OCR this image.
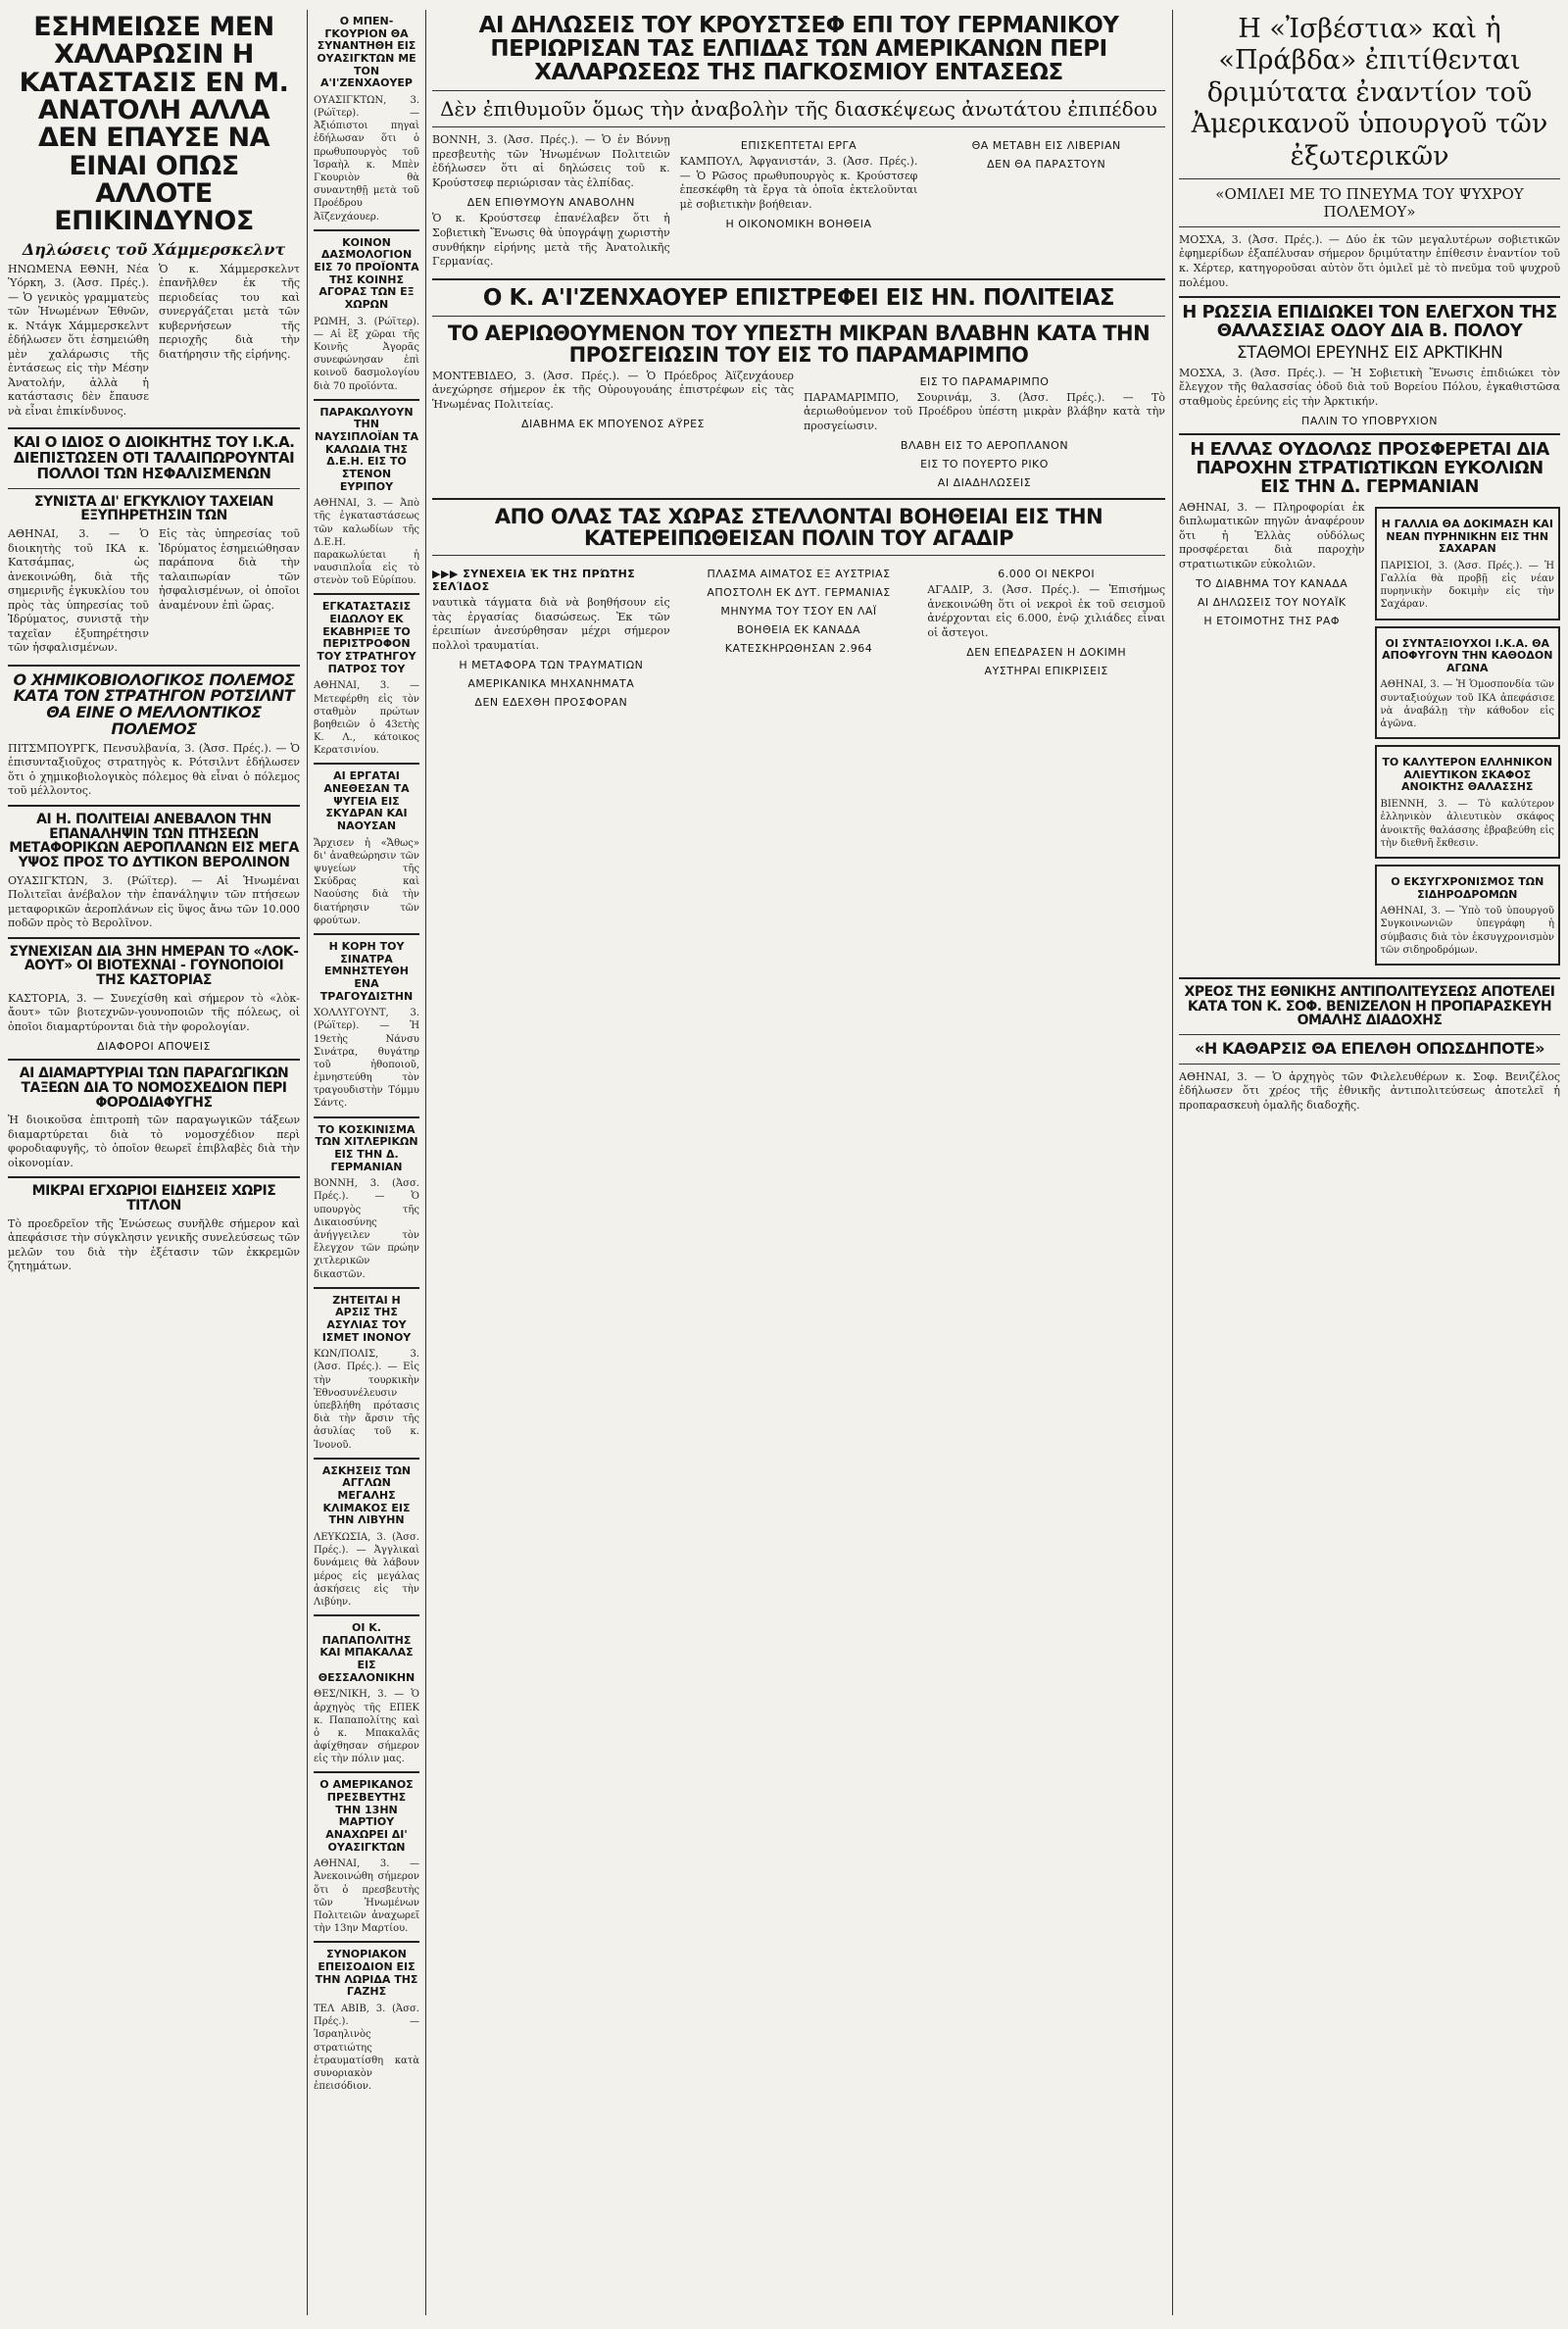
ΕΣΗΜΕΙΩΣΕ ΜΕΝ ΧΑΛΑΡΩΣΙΝ Η ΚΑΤΑΣΤΑΣΙΣ ΕΝ Μ. ΑΝΑΤΟΛΗ ΑΛΛΑ ΔΕΝ ΕΠΑΥΣΕ ΝΑ ΕΙΝΑΙ ΟΠΩΣ ΑΛΛΟΤΕ ΕΠΙΚΙΝΔΥΝΟΣ
Δηλώσεις τοῦ Χάμμερσκελντ

ΗΝΩΜΕΝΑ ΕΘΝΗ, Νέα Ὑόρκη, 3. (Ἀσσ. Πρές.). — Ὁ γενικὸς γραμματεὺς τῶν Ἡνωμένων Ἐθνῶν, κ. Ντάγκ Χάμμερσκελντ ἐδήλωσεν ὅτι ἐσημειώθη μὲν χαλάρωσις τῆς ἐντάσεως εἰς τὴν Μέσην Ἀνατολήν, ἀλλὰ ἡ κατάστασις δὲν ἔπαυσε νὰ εἶναι ἐπικίνδυνος.

Ὁ κ. Χάμμερσκελντ ἐπανῆλθεν ἐκ τῆς περιοδείας του καὶ συνεργάζεται μετὰ τῶν κυβερνήσεων τῆς περιοχῆς διὰ τὴν διατήρησιν τῆς εἰρήνης.

ΚΑΙ Ο ΙΔΙΟΣ Ο ΔΙΟΙΚΗΤΗΣ ΤΟΥ Ι.Κ.Α. ΔΙΕΠΙΣΤΩΣΕΝ ΟΤΙ ΤΑΛΑΙΠΩΡΟΥΝΤΑΙ ΠΟΛΛΟΙ ΤΩΝ ΗΣΦΑΛΙΣΜΕΝΩΝ
ΣΥΝΙΣΤΑ ΔΙ' ΕΓΚΥΚΛΙΟΥ ΤΑΧΕΙΑΝ ΕΞΥΠΗΡΕΤΗΣΙΝ ΤΩΝ

ΑΘΗΝΑΙ, 3. — Ὁ διοικητὴς τοῦ ΙΚΑ κ. Κατσάμπας, ὡς ἀνεκοινώθη, διὰ τῆς σημερινῆς ἐγκυκλίου του πρὸς τὰς ὑπηρεσίας τοῦ Ἱδρύματος, συνιστᾷ τὴν ταχεῖαν ἐξυπηρέτησιν τῶν ἠσφαλισμένων.

Εἰς τὰς ὑπηρεσίας τοῦ Ἱδρύματος ἐσημειώθησαν παράπονα διὰ τὴν ταλαιπωρίαν τῶν ἠσφαλισμένων, οἱ ὁποῖοι ἀναμένουν ἐπὶ ὥρας.

Ο ΧΗΜΙΚΟΒΙΟΛΟΓΙΚΟΣ ΠΟΛΕΜΟΣ ΚΑΤΑ ΤΟΝ ΣΤΡΑΤΗΓΟΝ ΡΟΤΣΙΛΝΤ ΘΑ ΕΙΝΕ Ο ΜΕΛΛΟΝΤΙΚΟΣ ΠΟΛΕΜΟΣ

ΠΙΤΣΜΠΟΥΡΓΚ, Πενσυλβανία, 3. (Ἀσσ. Πρές.). — Ὁ ἐπισυνταξιοῦχος στρατηγὸς κ. Ρότσιλντ ἐδήλωσεν ὅτι ὁ χημικοβιολογικὸς πόλεμος θὰ εἶναι ὁ πόλεμος τοῦ μέλλοντος.

ΑΙ Η. ΠΟΛΙΤΕΙΑΙ ΑΝΕΒΑΛΟΝ ΤΗΝ ΕΠΑΝΑΛΗΨΙΝ ΤΩΝ ΠΤΗΣΕΩΝ ΜΕΤΑΦΟΡΙΚΩΝ ΑΕΡΟΠΛΑΝΩΝ ΕΙΣ ΜΕΓΑ ΥΨΟΣ ΠΡΟΣ ΤΟ ΔΥΤΙΚΟΝ ΒΕΡΟΛΙΝΟΝ

ΟΥΑΣΙΓΚΤΩΝ, 3. (Ρώϊτερ). — Αἱ Ἡνωμέναι Πολιτεῖαι ἀνέβαλον τὴν ἐπανάληψιν τῶν πτήσεων μεταφορικῶν ἀεροπλάνων εἰς ὕψος ἄνω τῶν 10.000 ποδῶν πρὸς τὸ Βερολῖνον.

ΣΥΝΕΧΙΣΑΝ ΔΙΑ 3ΗΝ ΗΜΕΡΑΝ ΤΟ «ΛΟΚ-ΑΟΥΤ» ΟΙ ΒΙΟΤΕΧΝΑΙ - ΓΟΥΝΟΠΟΙΟΙ ΤΗΣ ΚΑΣΤΟΡΙΑΣ

ΚΑΣΤΟΡΙΑ, 3. — Συνεχίσθη καὶ σήμερον τὸ «λὸκ-ἄουτ» τῶν βιοτεχνῶν-γουνοποιῶν τῆς πόλεως, οἱ ὁποῖοι διαμαρτύρονται διὰ τὴν φορολογίαν.

ΔΙΑΦΟΡΟΙ ΑΠΟΨΕΙΣ
ΑΙ ΔΙΑΜΑΡΤΥΡΙΑΙ ΤΩΝ ΠΑΡΑΓΩΓΙΚΩΝ ΤΑΞΕΩΝ ΔΙΑ ΤΟ ΝΟΜΟΣΧΕΔΙΟΝ ΠΕΡΙ ΦΟΡΟΔΙΑΦΥΓΗΣ

Ἡ διοικοῦσα ἐπιτροπὴ τῶν παραγωγικῶν τάξεων διαμαρτύρεται διὰ τὸ νομοσχέδιον περὶ φοροδιαφυγῆς, τὸ ὁποῖον θεωρεῖ ἐπιβλαβὲς διὰ τὴν οἰκονομίαν.

ΜΙΚΡΑΙ ΕΓΧΩΡΙΟΙ ΕΙΔΗΣΕΙΣ ΧΩΡΙΣ ΤΙΤΛΟΝ

Τὸ προεδρεῖον τῆς Ἑνώσεως συνῆλθε σήμερον καὶ ἀπεφάσισε τὴν σύγκλησιν γενικῆς συνελεύσεως τῶν μελῶν του διὰ τὴν ἐξέτασιν τῶν ἐκκρεμῶν ζητημάτων.

Ο ΜΠΕΝ-ΓΚΟΥΡΙΟΝ ΘΑ ΣΥΝΑΝΤΗΘΗ ΕΙΣ ΟΥΑΣΙΓΚΤΩΝ ΜΕ ΤΟΝ Α'Ι'ΖΕΝΧΑΟΥΕΡ

ΟΥΑΣΙΓΚΤΩΝ, 3. (Ρώϊτερ). — Ἀξιόπιστοι πηγαὶ ἐδήλωσαν ὅτι ὁ πρωθυπουργὸς τοῦ Ἰσραὴλ κ. Μπὲν Γκουριὸν θὰ συναντηθῇ μετὰ τοῦ Προέδρου Ἀϊζενχάουερ.

ΚΟΙΝΟΝ ΔΑΣΜΟΛΟΓΙΟΝ ΕΙΣ 70 ΠΡΟΪΟΝΤΑ ΤΗΣ ΚΟΙΝΗΣ ΑΓΟΡΑΣ ΤΩΝ ΕΞ ΧΩΡΩΝ

ΡΩΜΗ, 3. (Ρώϊτερ). — Αἱ ἓξ χῶραι τῆς Κοινῆς Ἀγορᾶς συνεφώνησαν ἐπὶ κοινοῦ δασμολογίου διὰ 70 προϊόντα.

ΠΑΡΑΚΩΛΥΟΥΝ ΤΗΝ ΝΑΥΣΙΠΛΟΪΑΝ ΤΑ ΚΑΛΩΔΙΑ ΤΗΣ Δ.Ε.Η. ΕΙΣ ΤΟ ΣΤΕΝΟΝ ΕΥΡΙΠΟΥ

ΑΘΗΝΑΙ, 3. — Ἀπὸ τῆς ἐγκαταστάσεως τῶν καλωδίων τῆς Δ.Ε.Η. παρακωλύεται ἡ ναυσιπλοΐα εἰς τὸ στενὸν τοῦ Εὐρίπου.

ΕΓΚΑΤΑΣΤΑΣΙΣ ΕΙΔΩΛΟΥ ΕΚ ΕΚΑΒΗΡΙΞΕ ΤΟ ΠΕΡΙΣΤΡΟΦΟΝ ΤΟΥ ΣΤΡΑΤΗΓΟΥ ΠΑΤΡΟΣ ΤΟΥ

ΑΘΗΝΑΙ, 3. — Μετεφέρθη εἰς τὸν σταθμὸν πρώτων βοηθειῶν ὁ 43ετὴς Κ. Λ., κάτοικος Κερατσινίου.

ΑΙ ΕΡΓΑΤΑΙ ΑΝΕΘΕΣΑΝ ΤΑ ΨΥΓΕΙΑ ΕΙΣ ΣΚΥΔΡΑΝ ΚΑΙ ΝΑΟΥΣΑΝ

Ἄρχισεν ἡ «Ἄθως» δι' ἀναθεώρησιν τῶν ψυγείων τῆς Σκύδρας καὶ Ναούσης διὰ τὴν διατήρησιν τῶν φρούτων.

Η ΚΟΡΗ ΤΟΥ ΣΙΝΑΤΡΑ ΕΜΝΗΣΤΕΥΘΗ ΕΝΑ ΤΡΑΓΟΥΔΙΣΤΗΝ

ΧΟΛΛΥΓΟΥΝΤ, 3. (Ρώϊτερ). — Ἡ 19ετὴς Νάνσυ Σινάτρα, θυγάτηρ τοῦ ἠθοποιοῦ, ἐμνηστεύθη τὸν τραγουδιστὴν Τόμμυ Σάντς.

ΤΟ ΚΟΣΚΙΝΙΣΜΑ ΤΩΝ ΧΙΤΛΕΡΙΚΩΝ ΕΙΣ ΤΗΝ Δ. ΓΕΡΜΑΝΙΑΝ

ΒΟΝΝΗ, 3. (Ἀσσ. Πρές.). — Ὁ υπουργὸς τῆς Δικαιοσύνης ἀνήγγειλεν τὸν ἔλεγχον τῶν πρώην χιτλερικῶν δικαστῶν.

ΖΗΤΕΙΤΑΙ Η ΑΡΣΙΣ ΤΗΣ ΑΣΥΛΙΑΣ ΤΟΥ ΙΣΜΕΤ ΙΝΟΝΟΥ

ΚΩΝ/ΠΟΛΙΣ, 3. (Ἀσσ. Πρές.). — Εἰς τὴν τουρκικὴν Ἐθνοσυνέλευσιν ὑπεβλήθη πρότασις διὰ τὴν ἄρσιν τῆς ἀσυλίας τοῦ κ. Ἰνονοῦ.

ΑΣΚΗΣΕΙΣ ΤΩΝ ΑΓΓΛΩΝ ΜΕΓΑΛΗΣ ΚΛΙΜΑΚΟΣ ΕΙΣ ΤΗΝ ΛΙΒΥΗΝ

ΛΕΥΚΩΣΙΑ, 3. (Ἀσσ. Πρές.). — Ἀγγλικαὶ δυνάμεις θὰ λάβουν μέρος εἰς μεγάλας ἀσκήσεις εἰς τὴν Λιβύην.

ΟΙ Κ. ΠΑΠΑΠΟΛΙΤΗΣ ΚΑΙ ΜΠΑΚΑΛΑΣ ΕΙΣ ΘΕΣΣΑΛΟΝΙΚΗΝ

ΘΕΣ/ΝΙΚΗ, 3. — Ὁ ἀρχηγὸς τῆς ΕΠΕΚ κ. Παπαπολίτης καὶ ὁ κ. Μπακαλᾶς ἀφίχθησαν σήμερον εἰς τὴν πόλιν μας.

Ο ΑΜΕΡΙΚΑΝΟΣ ΠΡΕΣΒΕΥΤΗΣ ΤΗΝ 13ΗΝ ΜΑΡΤΙΟΥ ΑΝΑΧΩΡΕΙ ΔΙ' ΟΥΑΣΙΓΚΤΩΝ

ΑΘΗΝΑΙ, 3. — Ἀνεκοινώθη σήμερον ὅτι ὁ πρεσβευτὴς τῶν Ἡνωμένων Πολιτειῶν ἀναχωρεῖ τὴν 13ην Μαρτίου.

ΣΥΝΟΡΙΑΚΟΝ ΕΠΕΙΣΟΔΙΟΝ ΕΙΣ ΤΗΝ ΛΩΡΙΔΑ ΤΗΣ ΓΑΖΗΣ

ΤΕΛ ΑΒΙΒ, 3. (Ἀσσ. Πρές.). — Ἰσραηλινὸς στρατιώτης ἐτραυματίσθη κατὰ συνοριακὸν ἐπεισόδιον.

ΑΙ ΔΗΛΩΣΕΙΣ ΤΟΥ ΚΡΟΥΣΤΣΕΦ ΕΠΙ ΤΟΥ ΓΕΡΜΑΝΙΚΟΥ ΠΕΡΙΩΡΙΣΑΝ ΤΑΣ ΕΛΠΙΔΑΣ ΤΩΝ ΑΜΕΡΙΚΑΝΩΝ ΠΕΡΙ ΧΑΛΑΡΩΣΕΩΣ ΤΗΣ ΠΑΓΚΟΣΜΙΟΥ ΕΝΤΑΣΕΩΣ
Δὲν ἐπιθυμοῦν ὅμως τὴν ἀναβολὴν τῆς διασκέψεως ἀνωτάτου ἐπιπέδου

ΒΟΝΝΗ, 3. (Ἀσσ. Πρές.). — Ὁ ἐν Βόννῃ πρεσβευτὴς τῶν Ἡνωμένων Πολιτειῶν ἐδήλωσεν ὅτι αἱ δηλώσεις τοῦ κ. Κρούστσεφ περιώρισαν τὰς ἐλπίδας.

ΔΕΝ ΕΠΙΘΥΜΟΥΝ ΑΝΑΒΟΛΗΝ

Ὁ κ. Κρούστσεφ ἐπανέλαβεν ὅτι ἡ Σοβιετικὴ Ἕνωσις θὰ ὑπογράψῃ χωριστὴν συνθήκην εἰρήνης μετὰ τῆς Ἀνατολικῆς Γερμανίας.

ΕΠΙΣΚΕΠΤΕΤΑΙ ΕΡΓΑ

ΚΑΜΠΟΥΛ, Ἀφγανιστάν, 3. (Ἀσσ. Πρές.). — Ὁ Ρῶσος πρωθυπουργὸς κ. Κρούστσεφ ἐπεσκέφθη τὰ ἔργα τὰ ὁποῖα ἐκτελοῦνται μὲ σοβιετικὴν βοήθειαν.

Η ΟΙΚΟΝΟΜΙΚΗ ΒΟΗΘΕΙΑ
ΘΑ ΜΕΤΑΒΗ ΕΙΣ ΛΙΒΕΡΙΑΝ
ΔΕΝ ΘΑ ΠΑΡΑΣΤΟΥΝ
Ο Κ. Α'Ι'ΖΕΝΧΑΟΥΕΡ ΕΠΙΣΤΡΕΦΕΙ ΕΙΣ ΗΝ. ΠΟΛΙΤΕΙΑΣ
ΤΟ ΑΕΡΙΩΘΟΥΜΕΝΟΝ ΤΟΥ ΥΠΕΣΤΗ ΜΙΚΡΑΝ ΒΛΑΒΗΝ ΚΑΤΑ ΤΗΝ ΠΡΟΣΓΕΙΩΣΙΝ ΤΟΥ ΕΙΣ ΤΟ ΠΑΡΑΜΑΡΙΜΠΟ

ΜΟΝΤΕΒΙΔΕΟ, 3. (Ἀσσ. Πρές.). — Ὁ Πρόεδρος Ἀϊζενχάουερ ἀνεχώρησε σήμερον ἐκ τῆς Οὐρουγουάης ἐπιστρέφων εἰς τὰς Ἡνωμένας Πολιτείας.

ΔΙΑΒΗΜΑ ΕΚ ΜΠΟΥΕΝΟΣ ΑΫΡΕΣ
ΕΙΣ ΤΟ ΠΑΡΑΜΑΡΙΜΠΟ

ΠΑΡΑΜΑΡΙΜΠΟ, Σουρινάμ, 3. (Ἀσσ. Πρές.). — Τὸ ἀεριωθούμενον τοῦ Προέδρου ὑπέστη μικρὰν βλάβην κατὰ τὴν προσγείωσιν.

ΒΛΑΒΗ ΕΙΣ ΤΟ ΑΕΡΟΠΛΑΝΟΝ
ΕΙΣ ΤΟ ΠΟΥΕΡΤΟ ΡΙΚΟ
ΑΙ ΔΙΑΔΗΛΩΣΕΙΣ
ΑΠΟ ΟΛΑΣ ΤΑΣ ΧΩΡΑΣ ΣΤΕΛΛΟΝΤΑΙ ΒΟΗΘΕΙΑΙ ΕΙΣ ΤΗΝ ΚΑΤΕΡΕΙΠΩΘΕΙΣΑΝ ΠΟΛΙΝ ΤΟΥ ΑΓΑΔΙΡ
▶▶▶ ΣΥΝΕΧΕΙΑ ἘΚ ΤΗ͂Σ ΠΡΏΤΗΣ ΣΕΛΊΔΟΣ

ναυτικὰ τάγματα διὰ νὰ βοηθήσουν εἰς τὰς ἐργασίας διασώσεως. Ἐκ τῶν ἐρειπίων ἀνεσύρθησαν μέχρι σήμερον πολλοὶ τραυματίαι.

Η ΜΕΤΑΦΟΡΑ ΤΩΝ ΤΡΑΥΜΑΤΙΩΝ
ΑΜΕΡΙΚΑΝΙΚΑ ΜΗΧΑΝΗΜΑΤΑ
ΔΕΝ ΕΔΕΧΘΗ ΠΡΟΣΦΟΡΑΝ
ΠΛΑΣΜΑ ΑΙΜΑΤΟΣ ΕΞ ΑΥΣΤΡΙΑΣ
ΑΠΟΣΤΟΛΗ ΕΚ ΔΥΤ. ΓΕΡΜΑΝΙΑΣ
ΜΗΝΥΜΑ ΤΟΥ ΤΣΟΥ ΕΝ ΛΑΪ
ΒΟΗΘΕΙΑ ΕΚ ΚΑΝΑΔΑ
ΚΑΤΕΣΚΗΡΩΘΗΣΑΝ 2.964
6.000 ΟΙ ΝΕΚΡΟΙ

ΑΓΑΔΙΡ, 3. (Ἀσσ. Πρές.). — Ἐπισήμως ἀνεκοινώθη ὅτι οἱ νεκροὶ ἐκ τοῦ σεισμοῦ ἀνέρχονται εἰς 6.000, ἐνῷ χιλιάδες εἶναι οἱ ἄστεγοι.

ΔΕΝ ΕΠΕΔΡΑΣΕΝ Η ΔΟΚΙΜΗ
ΑΥΣΤΗΡΑΙ ΕΠΙΚΡΙΣΕΙΣ
Η «Ἰσβέστια» καὶ ἡ «Πράβδα» ἐπιτίθενται δριμύτατα ἐναντίον τοῦ Ἀμερικανοῦ ὑπουργοῦ τῶν ἐξωτερικῶν
«ΟΜΙΛΕΙ ΜΕ ΤΟ ΠΝΕΥΜΑ ΤΟΥ ΨΥΧΡΟΥ ΠΟΛΕΜΟΥ»

ΜΟΣΧΑ, 3. (Ἀσσ. Πρές.). — Δύο ἐκ τῶν μεγαλυτέρων σοβιετικῶν ἐφημερίδων ἐξαπέλυσαν σήμερον δριμύτατην ἐπίθεσιν ἐναντίον τοῦ κ. Χέρτερ, κατηγοροῦσαι αὐτὸν ὅτι ὁμιλεῖ μὲ τὸ πνεῦμα τοῦ ψυχροῦ πολέμου.

Η ΡΩΣΣΙΑ ΕΠΙΔΙΩΚΕΙ ΤΟΝ ΕΛΕΓΧΟΝ ΤΗΣ ΘΑΛΑΣΣΙΑΣ ΟΔΟΥ ΔΙΑ Β. ΠΟΛΟΥ
ΣΤΑΘΜΟΙ ΕΡΕΥΝΗΣ ΕΙΣ ΑΡΚΤΙΚΗΝ

ΜΟΣΧΑ, 3. (Ἀσσ. Πρές.). — Ἡ Σοβιετικὴ Ἕνωσις ἐπιδιώκει τὸν ἔλεγχον τῆς θαλασσίας ὁδοῦ διὰ τοῦ Βορείου Πόλου, ἐγκαθιστῶσα σταθμοὺς ἐρεύνης εἰς τὴν Ἀρκτικήν.

ΠΑΛΙΝ ΤΟ ΥΠΟΒΡΥΧΙΟΝ
Η ΕΛΛΑΣ ΟΥΔΟΛΩΣ ΠΡΟΣΦΕΡΕΤΑΙ ΔΙΑ ΠΑΡΟΧΗΝ ΣΤΡΑΤΙΩΤΙΚΩΝ ΕΥΚΟΛΙΩΝ ΕΙΣ ΤΗΝ Δ. ΓΕΡΜΑΝΙΑΝ

ΑΘΗΝΑΙ, 3. — Πληροφορίαι ἐκ διπλωματικῶν πηγῶν ἀναφέρουν ὅτι ἡ Ἑλλὰς οὐδόλως προσφέρεται διὰ παροχὴν στρατιωτικῶν εὐκολιῶν.

ΤΟ ΔΙΑΒΗΜΑ ΤΟΥ ΚΑΝΑΔΑ
ΑΙ ΔΗΛΩΣΕΙΣ ΤΟΥ ΝΟΥΑΪΚ
Η ΕΤΟΙΜΟΤΗΣ ΤΗΣ ΡΑΦ
Η ΓΑΛΛΙΑ ΘΑ ΔΟΚΙΜΑΣΗ ΚΑΙ ΝΕΑΝ ΠΥΡΗΝΙΚΗΝ ΕΙΣ ΤΗΝ ΣΑΧΑΡΑΝ

ΠΑΡΙΣΙΟΙ, 3. (Ἀσσ. Πρές.). — Ἡ Γαλλία θὰ προβῇ εἰς νέαν πυρηνικὴν δοκιμὴν εἰς τὴν Σαχάραν.

ΟΙ ΣΥΝΤΑΞΙΟΥΧΟΙ Ι.Κ.Α. ΘΑ ΑΠΟΦΥΓΟΥΝ ΤΗΝ ΚΑΘΟΔΟΝ ΑΓΩΝΑ

ΑΘΗΝΑΙ, 3. — Ἡ Ὁμοσπονδία τῶν συνταξιούχων τοῦ ΙΚΑ ἀπεφάσισε νὰ ἀναβάλῃ τὴν κάθοδον εἰς ἀγῶνα.

ΤΟ ΚΑΛΥΤΕΡΟΝ ΕΛΛΗΝΙΚΟΝ ΑΛΙΕΥΤΙΚΟΝ ΣΚΑΦΟΣ ΑΝΟΙΚΤΗΣ ΘΑΛΑΣΣΗΣ

ΒΙΕΝΝΗ, 3. — Τὸ καλύτερον ἑλληνικὸν ἀλιευτικὸν σκάφος ἀνοικτῆς θαλάσσης ἐβραβεύθη εἰς τὴν διεθνῆ ἔκθεσιν.

Ο ΕΚΣΥΓΧΡΟΝΙΣΜΟΣ ΤΩΝ ΣΙΔΗΡΟΔΡΟΜΩΝ

ΑΘΗΝΑΙ, 3. — Ὑπὸ τοῦ ὑπουργοῦ Συγκοινωνιῶν ὑπεγράφη ἡ σύμβασις διὰ τὸν ἐκσυγχρονισμὸν τῶν σιδηροδρόμων.

ΧΡΕΟΣ ΤΗΣ ΕΘΝΙΚΗΣ ΑΝΤΙΠΟΛΙΤΕΥΣΕΩΣ ΑΠΟΤΕΛΕΙ ΚΑΤΑ ΤΟΝ Κ. ΣΟΦ. ΒΕΝΙΖΕΛΟΝ Η ΠΡΟΠΑΡΑΣΚΕΥΗ ΟΜΑΛΗΣ ΔΙΑΔΟΧΗΣ
«Η ΚΑΘΑΡΣΙΣ ΘΑ ΕΠΕΛΘΗ ΟΠΩΣΔΗΠΟΤΕ»

ΑΘΗΝΑΙ, 3. — Ὁ ἀρχηγὸς τῶν Φιλελευθέρων κ. Σοφ. Βενιζέλος ἐδήλωσεν ὅτι χρέος τῆς ἐθνικῆς ἀντιπολιτεύσεως ἀποτελεῖ ἡ προπαρασκευὴ ὁμαλῆς διαδοχῆς.
